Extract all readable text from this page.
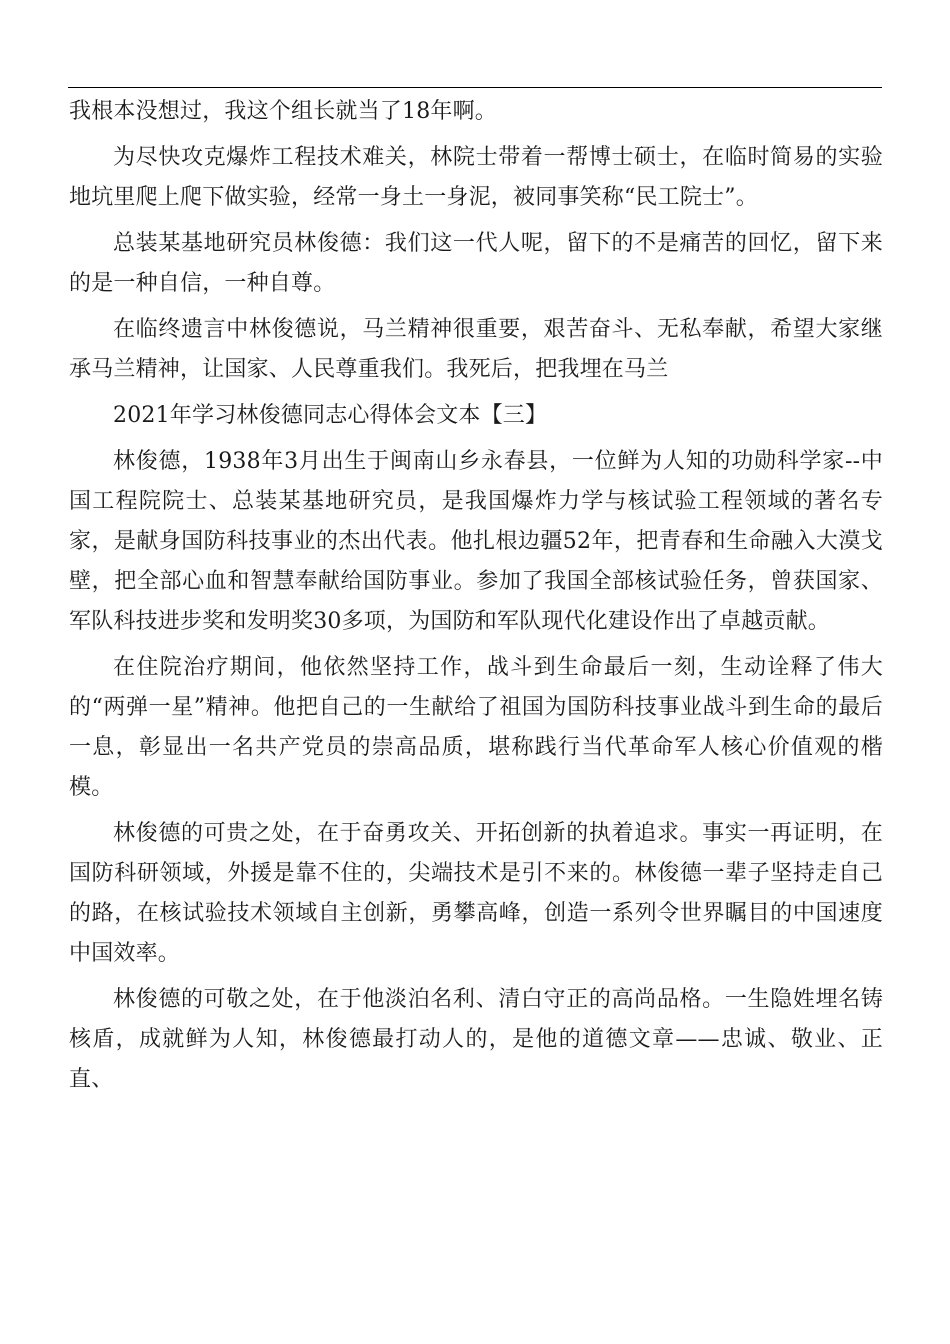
我根本没想过，我这个组长就当了18年啊。

为尽快攻克爆炸工程技术难关，林院士带着一帮博士硕士，在临时简易的实验地坑里爬上爬下做实验，经常一身土一身泥，被同事笑称“民工院士”。

总装某基地研究员林俊德：我们这一代人呢，留下的不是痛苦的回忆，留下来的是一种自信，一种自尊。

在临终遗言中林俊德说，马兰精神很重要，艰苦奋斗、无私奉献，希望大家继承马兰精神，让国家、人民尊重我们。我死后，把我埋在马兰

2021年学习林俊德同志心得体会文本【三】

林俊德，1938年3月出生于闽南山乡永春县，一位鲜为人知的功勋科学家--中国工程院院士、总装某基地研究员，是我国爆炸力学与核试验工程领域的著名专家，是献身国防科技事业的杰出代表。他扎根边疆52年，把青春和生命融入大漠戈壁，把全部心血和智慧奉献给国防事业。参加了我国全部核试验任务，曾获国家、军队科技进步奖和发明奖30多项，为国防和军队现代化建设作出了卓越贡献。

在住院治疗期间，他依然坚持工作，战斗到生命最后一刻，生动诠释了伟大的“两弹一星”精神。他把自己的一生献给了祖国为国防科技事业战斗到生命的最后一息，彰显出一名共产党员的崇高品质，堪称践行当代革命军人核心价值观的楷模。

林俊德的可贵之处，在于奋勇攻关、开拓创新的执着追求。事实一再证明，在国防科研领域，外援是靠不住的，尖端技术是引不来的。林俊德一辈子坚持走自己的路，在核试验技术领域自主创新，勇攀高峰，创造一系列令世界瞩目的中国速度中国效率。

林俊德的可敬之处，在于他淡泊名利、清白守正的高尚品格。一生隐姓埋名铸核盾，成就鲜为人知，林俊德最打动人的，是他的道德文章——忠诚、敬业、正直、
